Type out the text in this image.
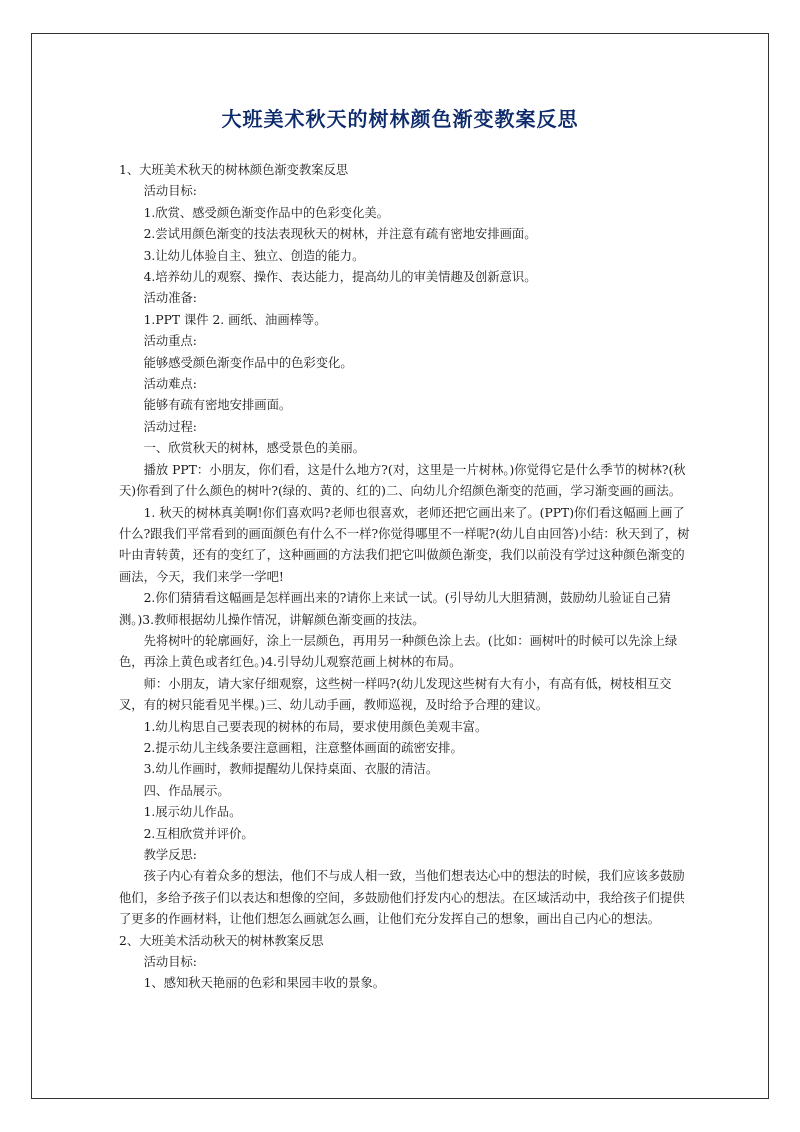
大班美术秋天的树林颜色渐变教案反思

1、大班美术秋天的树林颜色渐变教案反思

活动目标:

1.欣赏、感受颜色渐变作品中的色彩变化美。

2.尝试用颜色渐变的技法表现秋天的树林，并注意有疏有密地安排画面。

3.让幼儿体验自主、独立、创造的能力。

4.培养幼儿的观察、操作、表达能力，提高幼儿的审美情趣及创新意识。

活动准备:

1.PPT 课件 2. 画纸、油画棒等。

活动重点:

能够感受颜色渐变作品中的色彩变化。

活动难点:

能够有疏有密地安排画面。

活动过程:

一、欣赏秋天的树林，感受景色的美丽。

播放 PPT：小朋友，你们看，这是什么地方?(对，这里是一片树林。)你觉得它是什么季节的树林?(秋天)你看到了什么颜色的树叶?(绿的、黄的、红的)二、向幼儿介绍颜色渐变的范画，学习渐变画的画法。

1. 秋天的树林真美啊!你们喜欢吗?老师也很喜欢，老师还把它画出来了。(PPT)你们看这幅画上画了什么?跟我们平常看到的画面颜色有什么不一样?你觉得哪里不一样呢?(幼儿自由回答)小结：秋天到了，树叶由青转黄，还有的变红了，这种画画的方法我们把它叫做颜色渐变，我们以前没有学过这种颜色渐变的画法，今天，我们来学一学吧!

2.你们猜猜看这幅画是怎样画出来的?请你上来试一试。(引导幼儿大胆猜测，鼓励幼儿验证自己猜测。)3.教师根据幼儿操作情况，讲解颜色渐变画的技法。

先将树叶的轮廓画好，涂上一层颜色，再用另一种颜色涂上去。(比如：画树叶的时候可以先涂上绿色，再涂上黄色或者红色。)4.引导幼儿观察范画上树林的布局。

师：小朋友，请大家仔细观察，这些树一样吗?(幼儿发现这些树有大有小，有高有低，树枝相互交叉，有的树只能看见半棵。)三、幼儿动手画，教师巡视，及时给予合理的建议。

1.幼儿构思自己要表现的树林的布局，要求使用颜色美观丰富。

2.提示幼儿主线条要注意画粗，注意整体画面的疏密安排。

3.幼儿作画时，教师提醒幼儿保持桌面、衣服的清洁。

四、作品展示。

1.展示幼儿作品。

2.互相欣赏并评价。

教学反思:

孩子内心有着众多的想法，他们不与成人相一致，当他们想表达心中的想法的时候，我们应该多鼓励他们，多给予孩子们以表达和想像的空间，多鼓励他们抒发内心的想法。在区域活动中，我给孩子们提供了更多的作画材料，让他们想怎么画就怎么画，让他们充分发挥自己的想象，画出自己内心的想法。

2、大班美术活动秋天的树林教案反思

活动目标:

1、感知秋天艳丽的色彩和果园丰收的景象。
